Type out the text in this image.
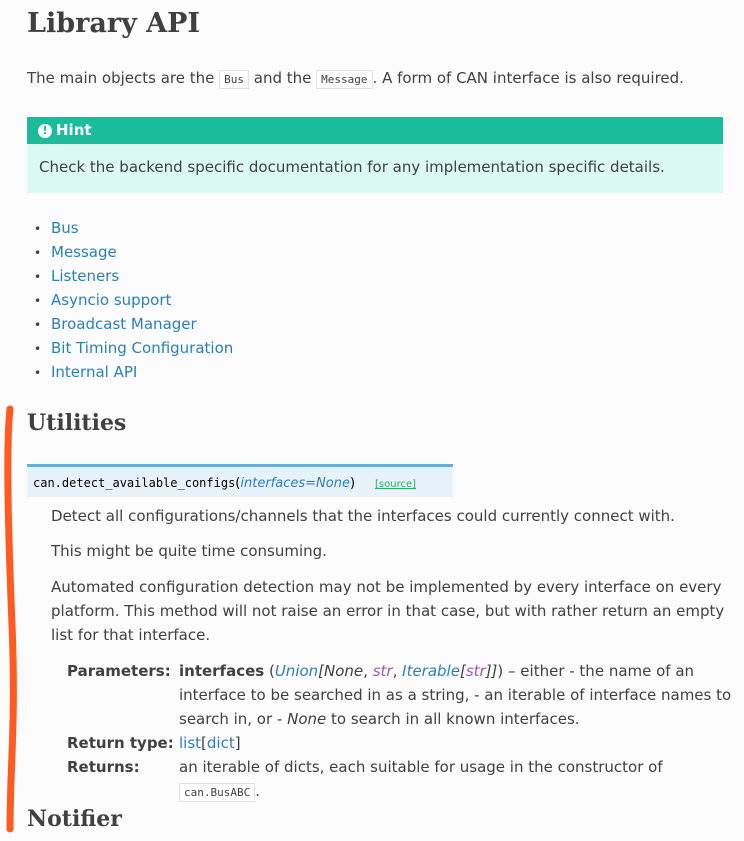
Library API

The main objects are the Bus and the Message . A form of CAN interface is also required.

! Hint
Check the backend specific documentation for any implementation specific details.
• Bus
• Message
• Listeners
• Asyncio support
• Broadcast Manager
• Bit Timing Configuration
• Internal API
Utilities
can.detect_available_configs(interfaces=None) [source]

Detect all configurations/channels that the interfaces could currently connect with.

This might be quite time consuming.

Automated configuration detection may not be implemented by every interface on every platform. This method will not raise an error in that case, but with rather return an empty list for that interface.

Parameters: interfaces (Union[None, str, Iterable[str]]) – either - the name of an interface to be searched in as a string, - an iterable of interface names to search in, or - None to search in all known interfaces.
Return type: list[dict]
Returns:	an iterable of dicts, each suitable for usage in the constructor of can.BusABC .
Notifier
